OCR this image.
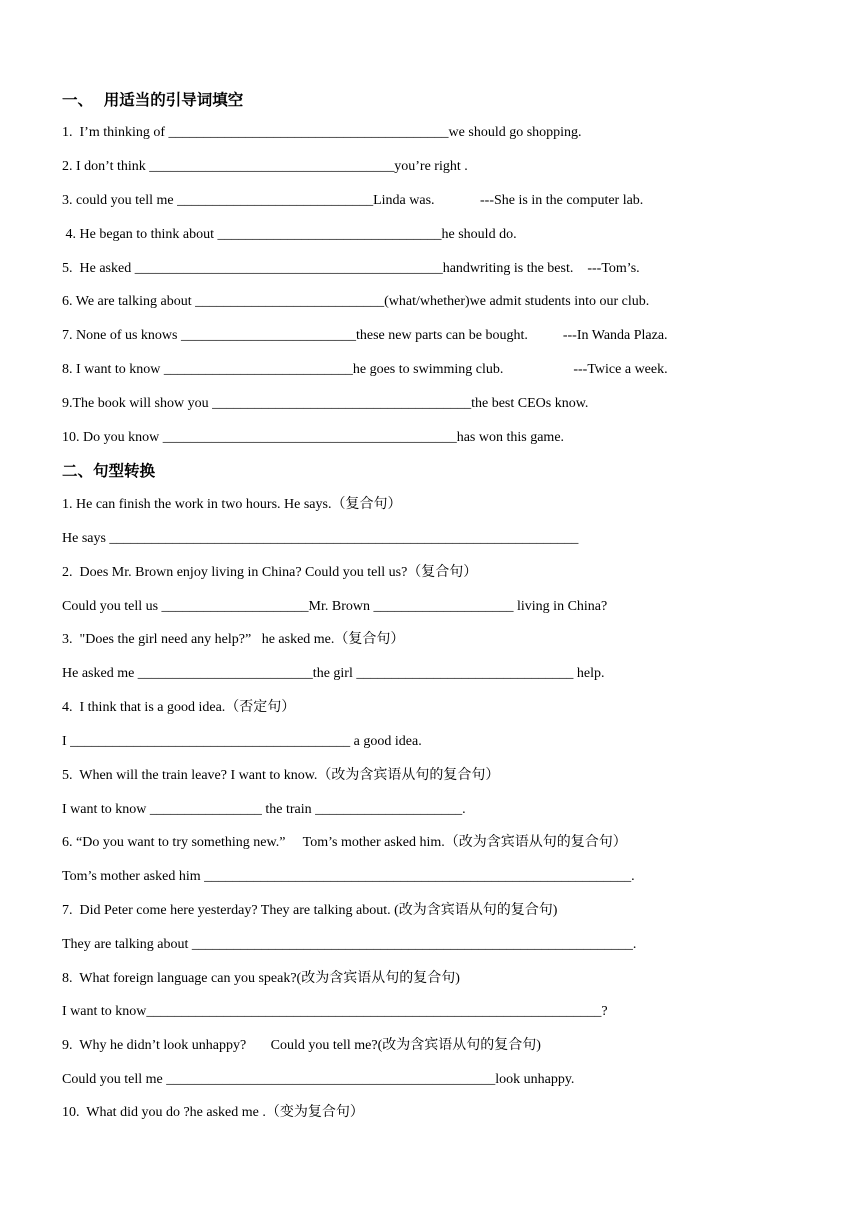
一、  用适当的引导词填空
1.  I’m thinking of ________________________________________we should go shopping.
2. I don’t think ___________________________________you’re right .
3. could you tell me ____________________________Linda was.             ---She is in the computer lab.
4. He began to think about ________________________________he should do.
5.  He asked ____________________________________________handwriting is the best.    ---Tom’s.
6. We are talking about ___________________________(what/whether)we admit students into our club.
7. None of us knows _________________________these new parts can be bought.          ---In Wanda Plaza.
8. I want to know ___________________________he goes to swimming club.                    ---Twice a week.
9.The book will show you _____________________________________the best CEOs know.
10. Do you know __________________________________________has won this game.
二、句型转换
1. He can finish the work in two hours. He says.（复合句）
He says ___________________________________________________________________
2.  Does Mr. Brown enjoy living in China? Could you tell us?（复合句）
Could you tell us _____________________Mr. Brown ____________________ living in China?
3.  "Does the girl need any help?”   he asked me.（复合句）
He asked me _________________________the girl _______________________________ help.
4.  I think that is a good idea.（否定句）
I ________________________________________ a good idea.
5.  When will the train leave? I want to know.（改为含宾语从句的复合句）
I want to know ________________ the train _____________________.
6. “Do you want to try something new.”     Tom’s mother asked him.（改为含宾语从句的复合句）
Tom’s mother asked him _____________________________________________________________.
7.  Did Peter come here yesterday? They are talking about. (改为含宾语从句的复合句)
They are talking about _______________________________________________________________.
8.  What foreign language can you speak?(改为含宾语从句的复合句)
I want to know_________________________________________________________________?
9.  Why he didn’t look unhappy?       Could you tell me?(改为含宾语从句的复合句)
Could you tell me _______________________________________________look unhappy.
10.  What did you do ?he asked me .（变为复合句）
